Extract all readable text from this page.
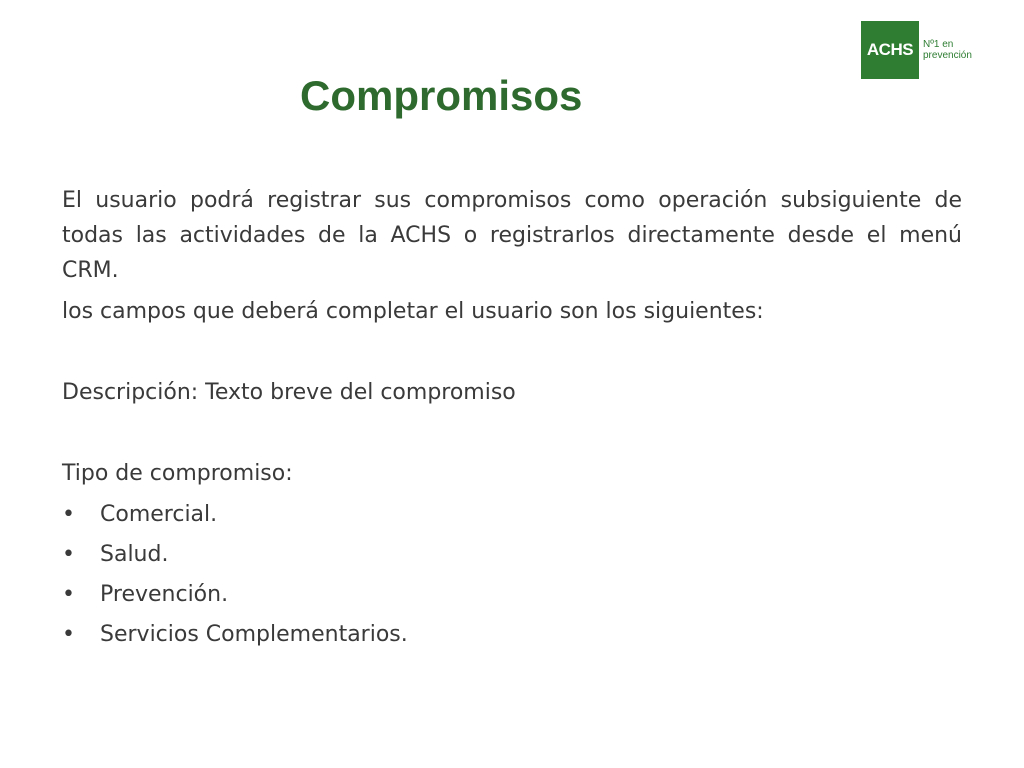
ACHS Nº1 en
prevención
Compromisos

El usuario podrá registrar sus compromisos como operación subsiguiente de todas las actividades de la ACHS o registrarlos directamente desde el menú CRM.

los campos que deberá completar el usuario son los siguientes:

Descripción: Texto breve del compromiso

Tipo de compromiso:

•	Comercial.
•	Salud.
•	Prevención.
•	Servicios Complementarios.
